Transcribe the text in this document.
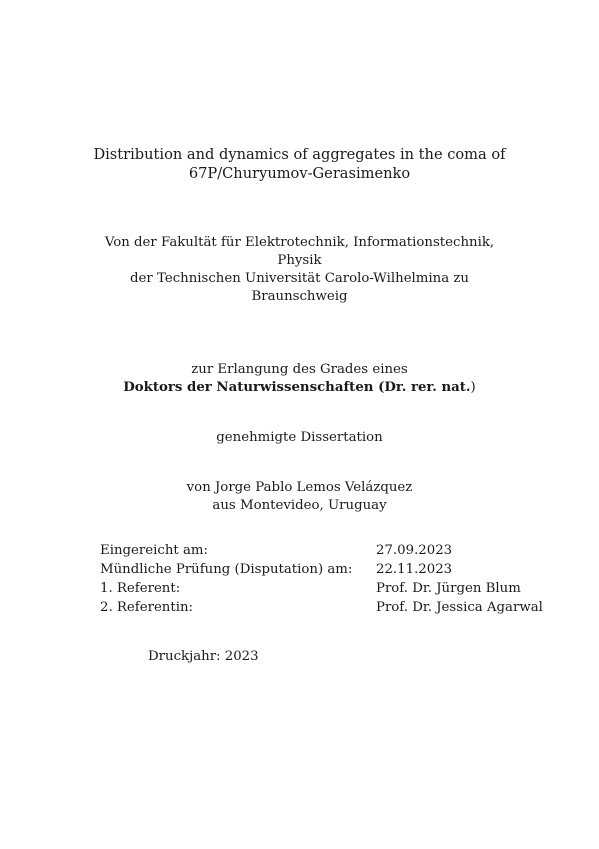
Distribution and dynamics of aggregates in the coma of
67P/Churyumov-Gerasimenko
Von der Fakultät für Elektrotechnik, Informationstechnik,
Physik
der Technischen Universität Carolo-Wilhelmina zu
Braunschweig
zur Erlangung des Grades eines
Doktors der Naturwissenschaften (Dr. rer. nat.)
genehmigte Dissertation
von Jorge Pablo Lemos Velázquez
aus Montevideo, Uruguay
Eingereicht am:	27.09.2023
Mündliche Prüfung (Disputation) am: 22.11.2023
1. Referent:	Prof. Dr. Jürgen Blum
2. Referentin:	Prof. Dr. Jessica Agarwal
Druckjahr: 2023
